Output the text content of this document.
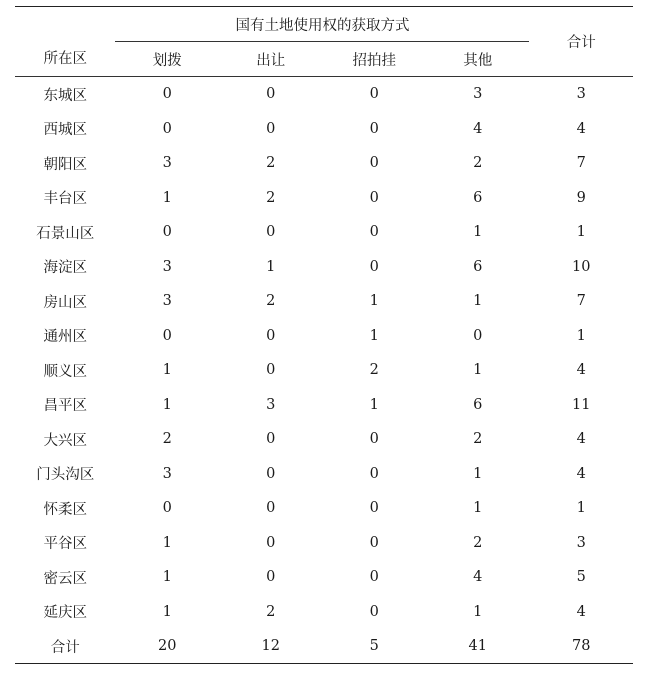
所在区	国有土地使用权的获取方式				合计
	划拨	出让	招拍挂	其他	
东城区	0	0	0	3	3
西城区	0	0	0	4	4
朝阳区	3	2	0	2	7
丰台区	1	2	0	6	9
石景山区	0	0	0	1	1
海淀区	3	1	0	6	10
房山区	3	2	1	1	7
通州区	0	0	1	0	1
顺义区	1	0	2	1	4
昌平区	1	3	1	6	11
大兴区	2	0	0	2	4
门头沟区	3	0	0	1	4
怀柔区	0	0	0	1	1
平谷区	1	0	0	2	3
密云区	1	0	0	4	5
延庆区	1	2	0	1	4
合计	20	12	5	41	78
